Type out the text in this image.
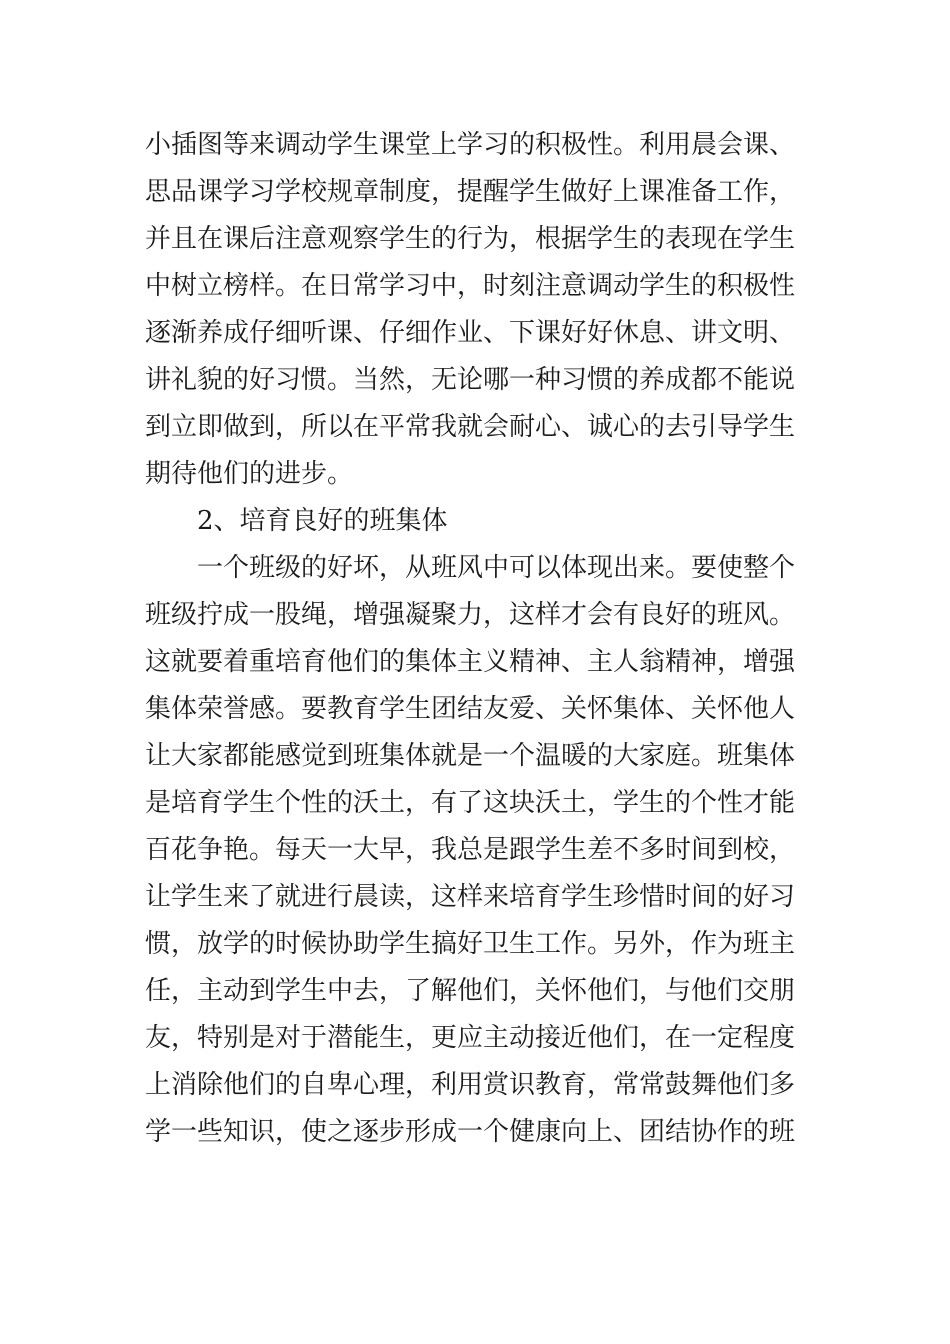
小插图等来调动学生课堂上学习的积极性。利用晨会课、
思品课学习学校规章制度，提醒学生做好上课准备工作，
并且在课后注意观察学生的行为，根据学生的表现在学生
中树立榜样。在日常学习中，时刻注意调动学生的积极性
逐渐养成仔细听课、仔细作业、下课好好休息、讲文明、
讲礼貌的好习惯。当然，无论哪一种习惯的养成都不能说
到立即做到，所以在平常我就会耐心、诚心的去引导学生
期待他们的进步。
2、培育良好的班集体
一个班级的好坏，从班风中可以体现出来。要使整个
班级拧成一股绳，增强凝聚力，这样才会有良好的班风。
这就要着重培育他们的集体主义精神、主人翁精神，增强
集体荣誉感。要教育学生团结友爱、关怀集体、关怀他人
让大家都能感觉到班集体就是一个温暖的大家庭。班集体
是培育学生个性的沃土，有了这块沃土，学生的个性才能
百花争艳。每天一大早，我总是跟学生差不多时间到校，
让学生来了就进行晨读，这样来培育学生珍惜时间的好习
惯，放学的时候协助学生搞好卫生工作。另外，作为班主
任，主动到学生中去，了解他们，关怀他们，与他们交朋
友，特别是对于潜能生，更应主动接近他们，在一定程度
上消除他们的自卑心理，利用赏识教育，常常鼓舞他们多
学一些知识，使之逐步形成一个健康向上、团结协作的班
